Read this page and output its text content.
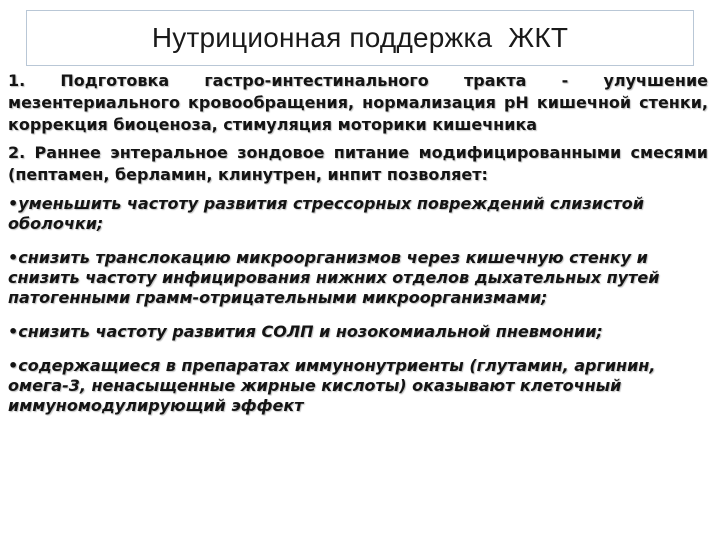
Нутриционная поддержка  ЖКТ

1. Подготовка гастро-интестинального тракта - улучшение мезентериального кровообращения, нормализация рН кишечной стенки, коррекция биоценоза, стимуляция моторики кишечника

2. Раннее энтеральное зондовое питание модифицированными смесями (пептамен, берламин, клинутрен, инпит позволяет:

•уменьшить частоту развития стрессорных повреждений слизистой оболочки;

•снизить транслокацию микроорганизмов через кишечную стенку и снизить частоту инфицирования нижних отделов дыхательных путей патогенными грамм-отрицательными микроорганизмами;

•снизить частоту развития СОЛП и нозокомиальной пневмонии;

•содержащиеся в препаратах иммунонутриенты (глутамин, аргинин, омега-3, ненасыщенные жирные кислоты) оказывают клеточный иммуномодулирующий эффект
